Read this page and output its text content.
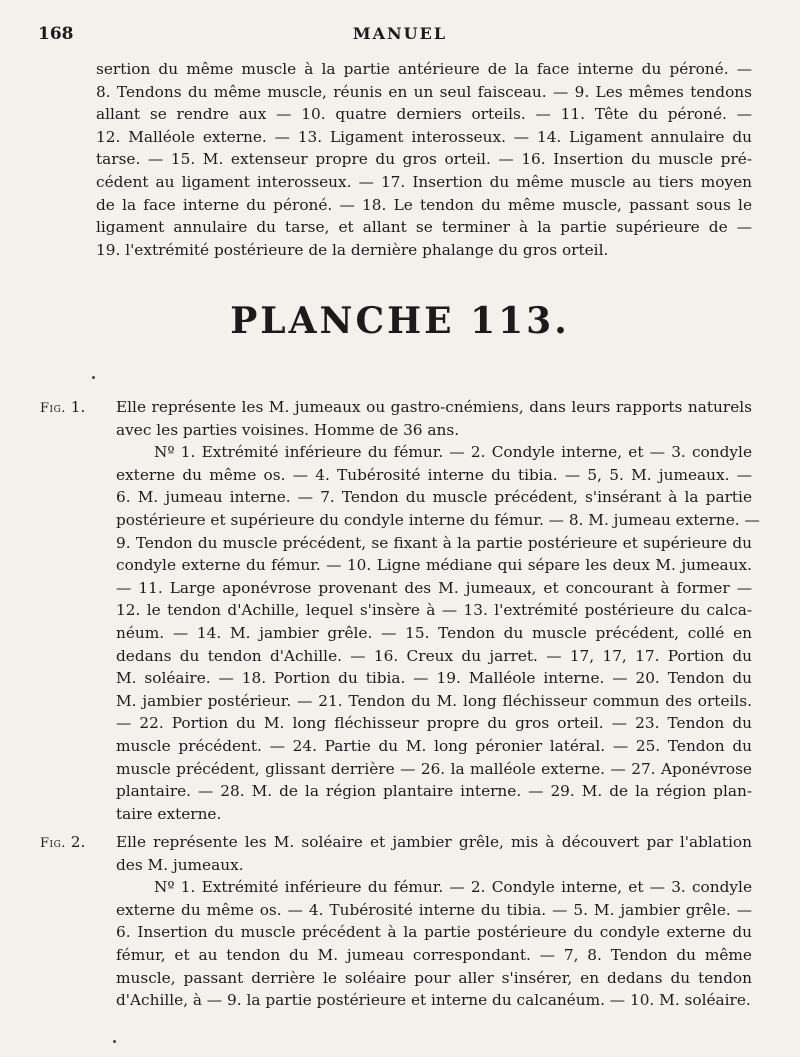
168	MANUEL
sertion du même muscle à la partie antérieure de la face interne du péroné. —
8. Tendons du même muscle, réunis en un seul faisceau. — 9. Les mêmes tendons
allant se rendre aux — 10. quatre derniers orteils. — 11. Tête du péroné. —
12. Malléole externe. — 13. Ligament interosseux. — 14. Ligament annulaire du
tarse. — 15. M. extenseur propre du gros orteil. — 16. Insertion du muscle pré-
cédent au ligament interosseux. — 17. Insertion du même muscle au tiers moyen
de la face interne du péroné. — 18. Le tendon du même muscle, passant sous le
ligament annulaire du tarse, et allant se terminer à la partie supérieure de —
19. l'extrémité postérieure de la dernière phalange du gros orteil.
PLANCHE 113.
Fig. 1. Elle représente les M. jumeaux ou gastro-cnémiens, dans leurs rapports naturels
avec les parties voisines. Homme de 36 ans.
Nº 1. Extrémité inférieure du fémur. — 2. Condyle interne, et — 3. condyle
externe du même os. — 4. Tubérosité interne du tibia. — 5, 5. M. jumeaux. —
6. M. jumeau interne. — 7. Tendon du muscle précédent, s'insérant à la partie
postérieure et supérieure du condyle interne du fémur. — 8. M. jumeau externe. —
9. Tendon du muscle précédent, se fixant à la partie postérieure et supérieure du
condyle externe du fémur. — 10. Ligne médiane qui sépare les deux M. jumeaux.
— 11. Large aponévrose provenant des M. jumeaux, et concourant à former —
12. le tendon d'Achille, lequel s'insère à — 13. l'extrémité postérieure du calca-
néum. — 14. M. jambier grêle. — 15. Tendon du muscle précédent, collé en
dedans du tendon d'Achille. — 16. Creux du jarret. — 17, 17, 17. Portion du
M. soléaire. — 18. Portion du tibia. — 19. Malléole interne. — 20. Tendon du
M. jambier postérieur. — 21. Tendon du M. long fléchisseur commun des orteils.
— 22. Portion du M. long fléchisseur propre du gros orteil. — 23. Tendon du
muscle précédent. — 24. Partie du M. long péronier latéral. — 25. Tendon du
muscle précédent, glissant derrière — 26. la malléole externe. — 27. Aponévrose
plantaire. — 28. M. de la région plantaire interne. — 29. M. de la région plan-
taire externe.
Fig. 2. Elle représente les M. soléaire et jambier grêle, mis à découvert par l'ablation
des M. jumeaux.
Nº 1. Extrémité inférieure du fémur. — 2. Condyle interne, et — 3. condyle
externe du même os. — 4. Tubérosité interne du tibia. — 5. M. jambier grêle. —
6. Insertion du muscle précédent à la partie postérieure du condyle externe du
fémur, et au tendon du M. jumeau correspondant. — 7, 8. Tendon du même
muscle, passant derrière le soléaire pour aller s'insérer, en dedans du tendon
d'Achille, à — 9. la partie postérieure et interne du calcanéum. — 10. M. soléaire.
